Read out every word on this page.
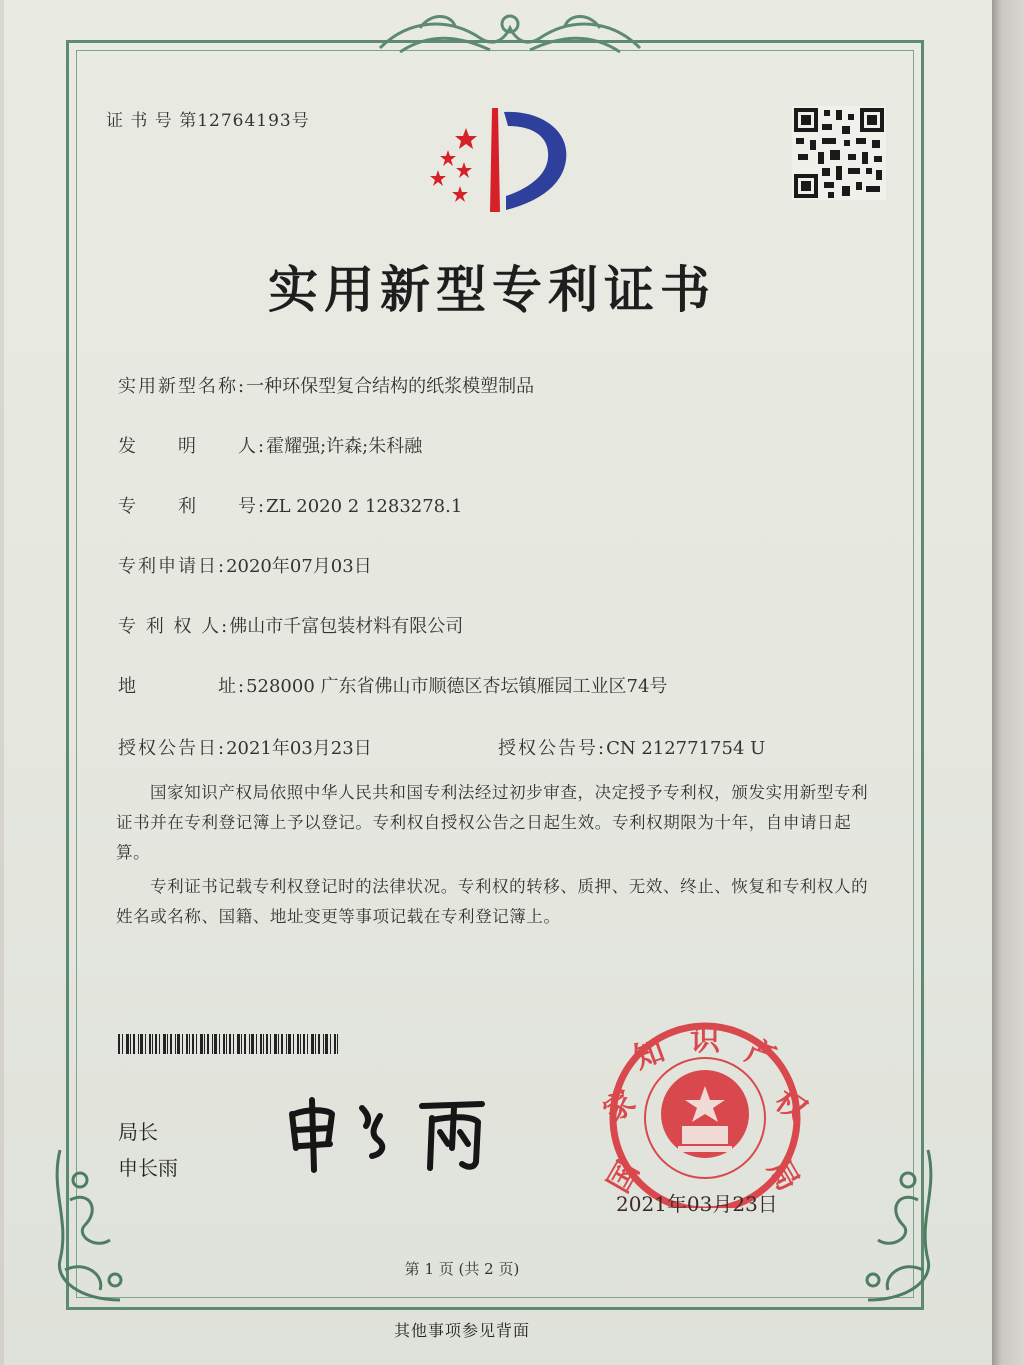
证 书 号 第12764193号
实用新型专利证书
实用新型名称:一种环保型复合结构的纸浆模塑制品
发　　明　　人:霍耀强;许森;朱科融
专　　利　　号:ZL 2020 2 1283278.1
专利申请日:2020年07月03日
专 利 权 人:佛山市千富包装材料有限公司
地　　　　址:528000 广东省佛山市顺德区杏坛镇雁园工业区74号
授权公告日:2021年03月23日	授权公告号:CN 212771754 U

国家知识产权局依照中华人民共和国专利法经过初步审查，决定授予专利权，颁发实用新型专利证书并在专利登记簿上予以登记。专利权自授权公告之日起生效。专利权期限为十年，自申请日起算。

专利证书记载专利权登记时的法律状况。专利权的转移、质押、无效、终止、恢复和专利权人的姓名或名称、国籍、地址变更等事项记载在专利登记簿上。

局长
申长雨	国
家
知 识 产
权
局
2021年03月23日
第 1 页 (共 2 页)
其他事项参见背面
